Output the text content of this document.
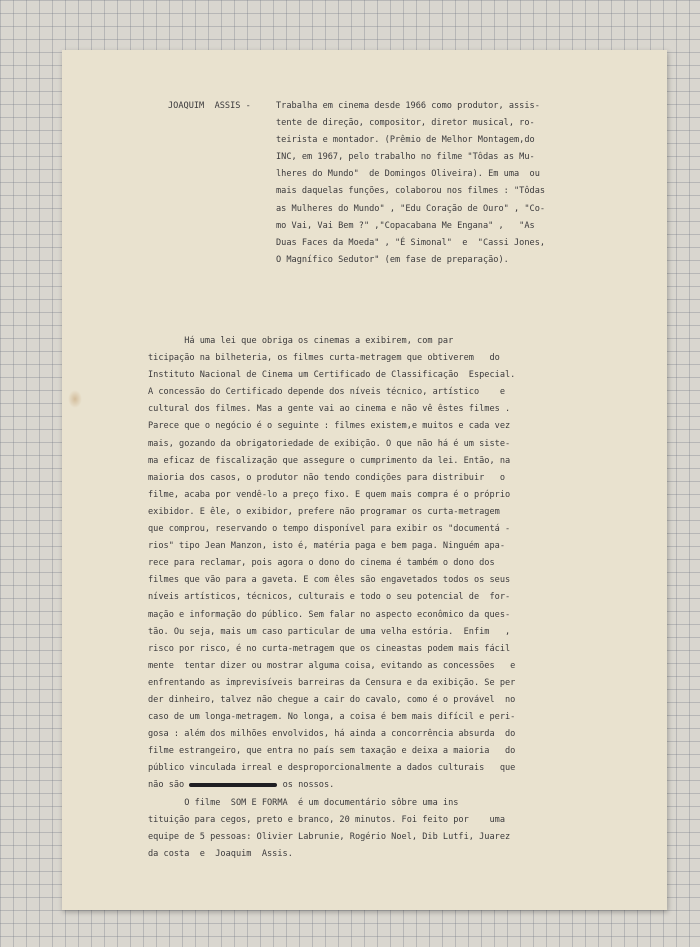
JOAQUIM  ASSIS -

	Trabalha em cinema desde 1966 como produtor, assis-
tente de direção, compositor, diretor musical, ro-
teirista e montador. (Prêmio de Melhor Montagem,do
INC, em 1967, pelo trabalho no filme "Tôdas as Mu-
lheres do Mundo"  de Domingos Oliveira). Em uma  ou
mais daquelas funções, colaborou nos filmes : "Tôdas
as Mulheres do Mundo" , "Edu Coração de Ouro" , "Co-
mo Vai, Vai Bem ?" ,"Copacabana Me Engana" ,   "As
Duas Faces da Moeda" , "É Simonal"  e  "Cassi Jones,
O Magnífico Sedutor" (em fase de preparação).

Há uma lei que obriga os cinemas a exibirem, com par
ticipação na bilheteria, os filmes curta-metragem que obtiverem   do
Instituto Nacional de Cinema um Certificado de Classificação  Especial.
A concessão do Certificado depende dos níveis técnico, artístico    e
cultural dos filmes. Mas a gente vai ao cinema e não vê êstes filmes .
Parece que o negócio é o seguinte : filmes existem,e muitos e cada vez
mais, gozando da obrigatoriedade de exibição. O que não há é um siste-
ma eficaz de fiscalização que assegure o cumprimento da lei. Então, na
maioria dos casos, o produtor não tendo condições para distribuir   o
filme, acaba por vendê-lo a preço fixo. E quem mais compra é o próprio
exibidor. E êle, o exibidor, prefere não programar os curta-metragem
que comprou, reservando o tempo disponível para exibir os "documentá -
rios" tipo Jean Manzon, isto é, matéria paga e bem paga. Ninguém apa-
rece para reclamar, pois agora o dono do cinema é também o dono dos
filmes que vão para a gaveta. E com êles são engavetados todos os seus
níveis artísticos, técnicos, culturais e todo o seu potencial de  for-
mação e informação do público. Sem falar no aspecto econômico da ques-
tão. Ou seja, mais um caso particular de uma velha estória.  Enfim   ,
risco por risco, é no curta-metragem que os cineastas podem mais fácil
mente  tentar dizer ou mostrar alguma coisa, evitando as concessões   e
enfrentando as imprevisíveis barreiras da Censura e da exibição. Se per
der dinheiro, talvez não chegue a cair do cavalo, como é o provável  no
caso de um longa-metragem. No longa, a coisa é bem mais difícil e peri-
gosa : além dos milhões envolvidos, há ainda a concorrência absurda  do
filme estrangeiro, que entra no país sem taxação e deixa a maioria   do
público vinculada irreal e desproporcionalmente a dados culturais   que
não são	os nossos.
O filme  SOM E FORMA  é um documentário sôbre uma ins
tituição para cegos, preto e branco, 20 minutos. Foi feito por    uma
equipe de 5 pessoas: Olivier Labrunie, Rogério Noel, Dib Lutfi, Juarez
da costa  e  Joaquim  Assis.
